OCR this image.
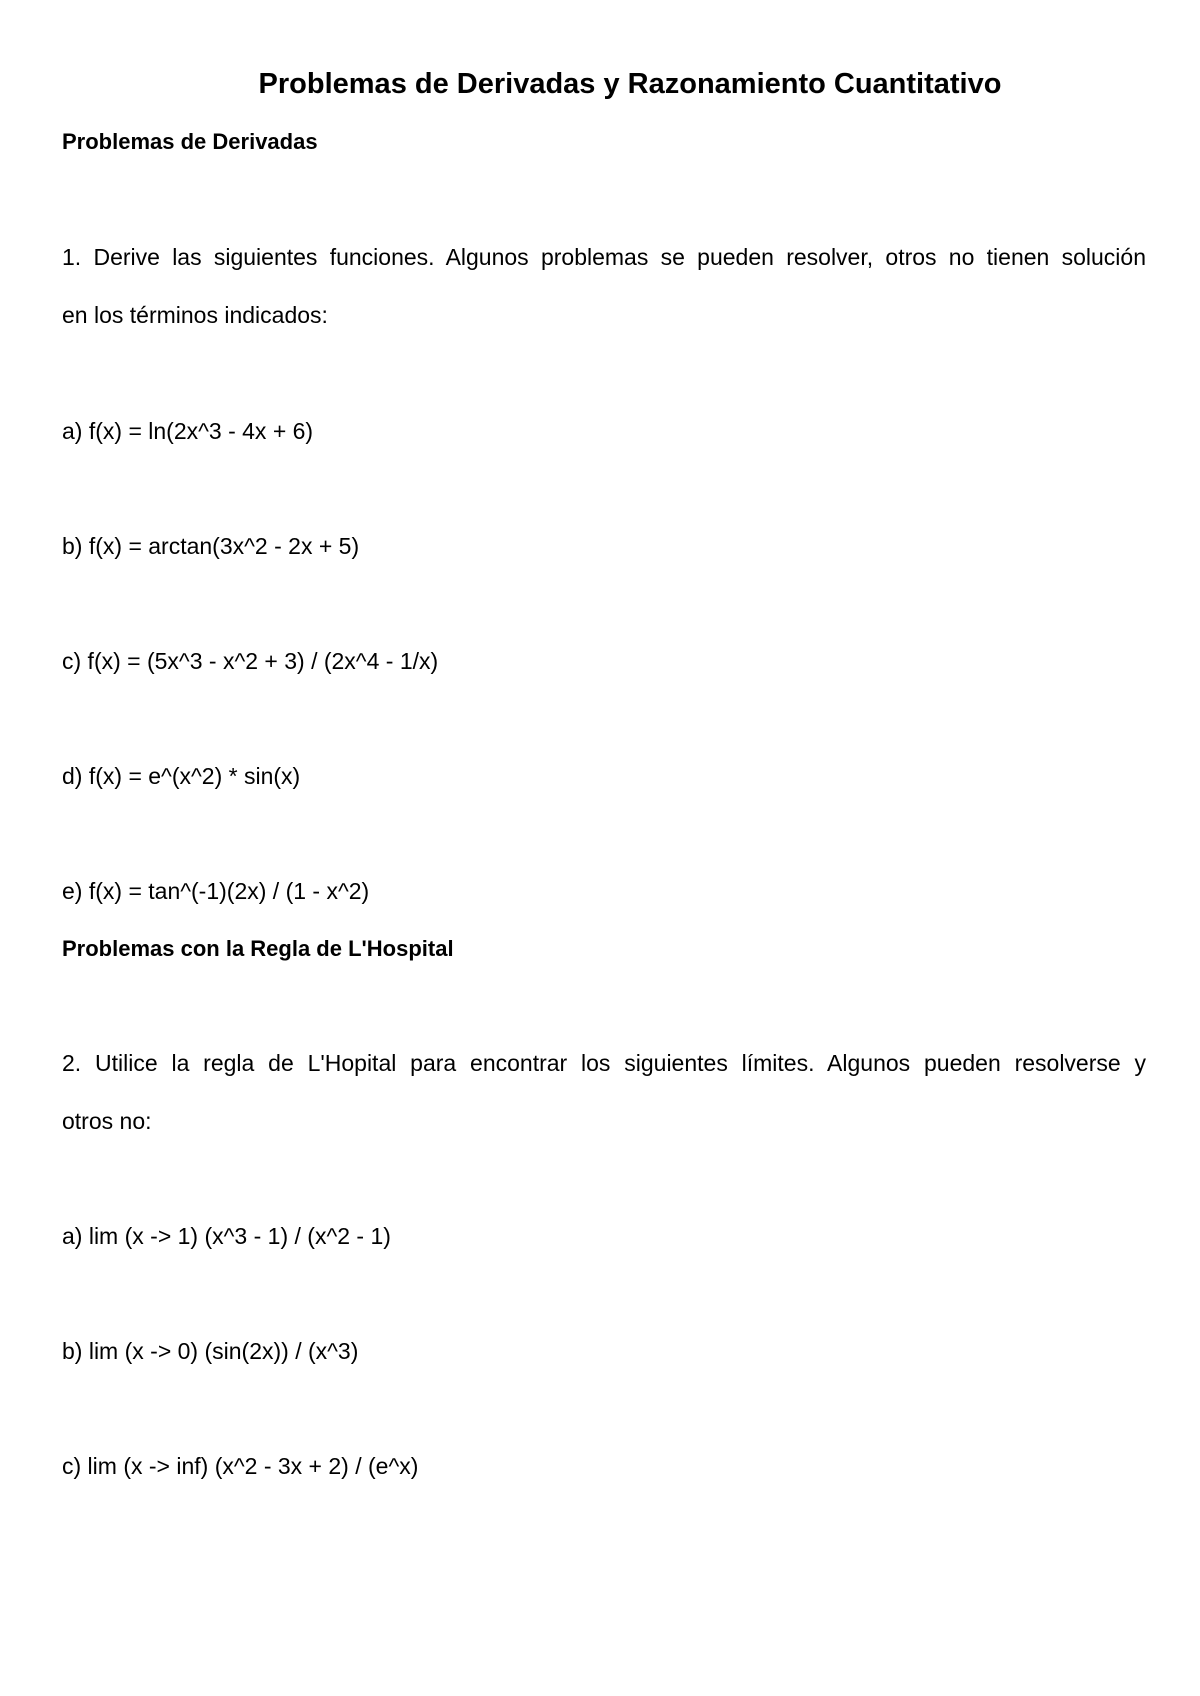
Problemas de Derivadas y Razonamiento Cuantitativo
Problemas de Derivadas
1. Derive las siguientes funciones. Algunos problemas se pueden resolver, otros no tienen solución
en los términos indicados:
a) f(x) = ln(2x^3 - 4x + 6)
b) f(x) = arctan(3x^2 - 2x + 5)
c) f(x) = (5x^3 - x^2 + 3) / (2x^4 - 1/x)
d) f(x) = e^(x^2) * sin(x)
e) f(x) = tan^(-1)(2x) / (1 - x^2)
Problemas con la Regla de L'Hospital
2. Utilice la regla de L'Hopital para encontrar los siguientes límites. Algunos pueden resolverse y
otros no:
a) lim (x -> 1) (x^3 - 1) / (x^2 - 1)
b) lim (x -> 0) (sin(2x)) / (x^3)
c) lim (x -> inf) (x^2 - 3x + 2) / (e^x)
